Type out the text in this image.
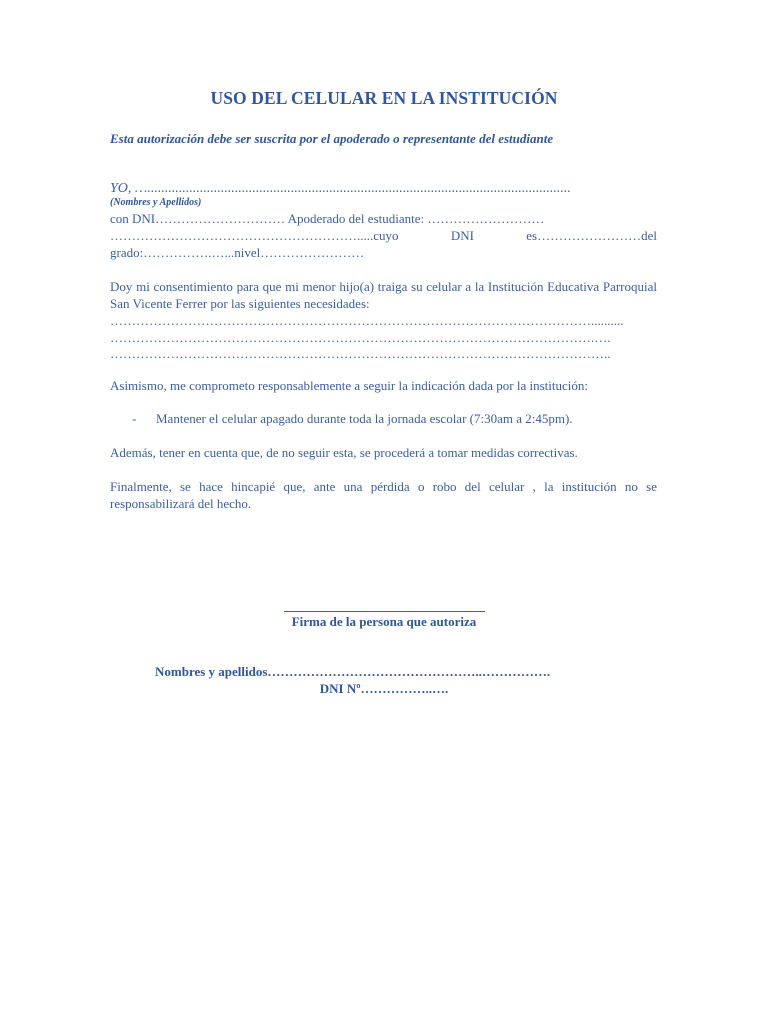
USO DEL CELULAR EN LA INSTITUCIÓN
Esta autorización debe ser suscrita por el apoderado o representante del estudiante
YO, ….........................................................................................................................
(Nombres y Apellidos)
con DNI………………………… Apoderado del estudiante: ………………………
………………………………………………….....cuyo DNI es……………………del
grado:…………….…...nivel……………………
Doy mi consentimiento para que mi menor hijo(a) traiga su celular a la Institución Educativa Parroquial San Vicente Ferrer por las siguientes necesidades:
…………………………………………………………………………………………………..........
………………………………………………………………………………………………….….
……………………………………………………………………………………………………..
Asimismo, me comprometo responsablemente a seguir la indicación dada por la institución:
- Mantener el celular apagado durante toda la jornada escolar (7:30am a 2:45pm).
Además, tener en cuenta que, de no seguir esta, se procederá a tomar medidas correctivas.
Finalmente, se hace hincapié que, ante una pérdida o robo del celular , la institución no se responsabilizará del hecho.
Firma de la persona que autoriza
Nombres y apellidos…………………………………………..…………….
DNI Nº……………..….
